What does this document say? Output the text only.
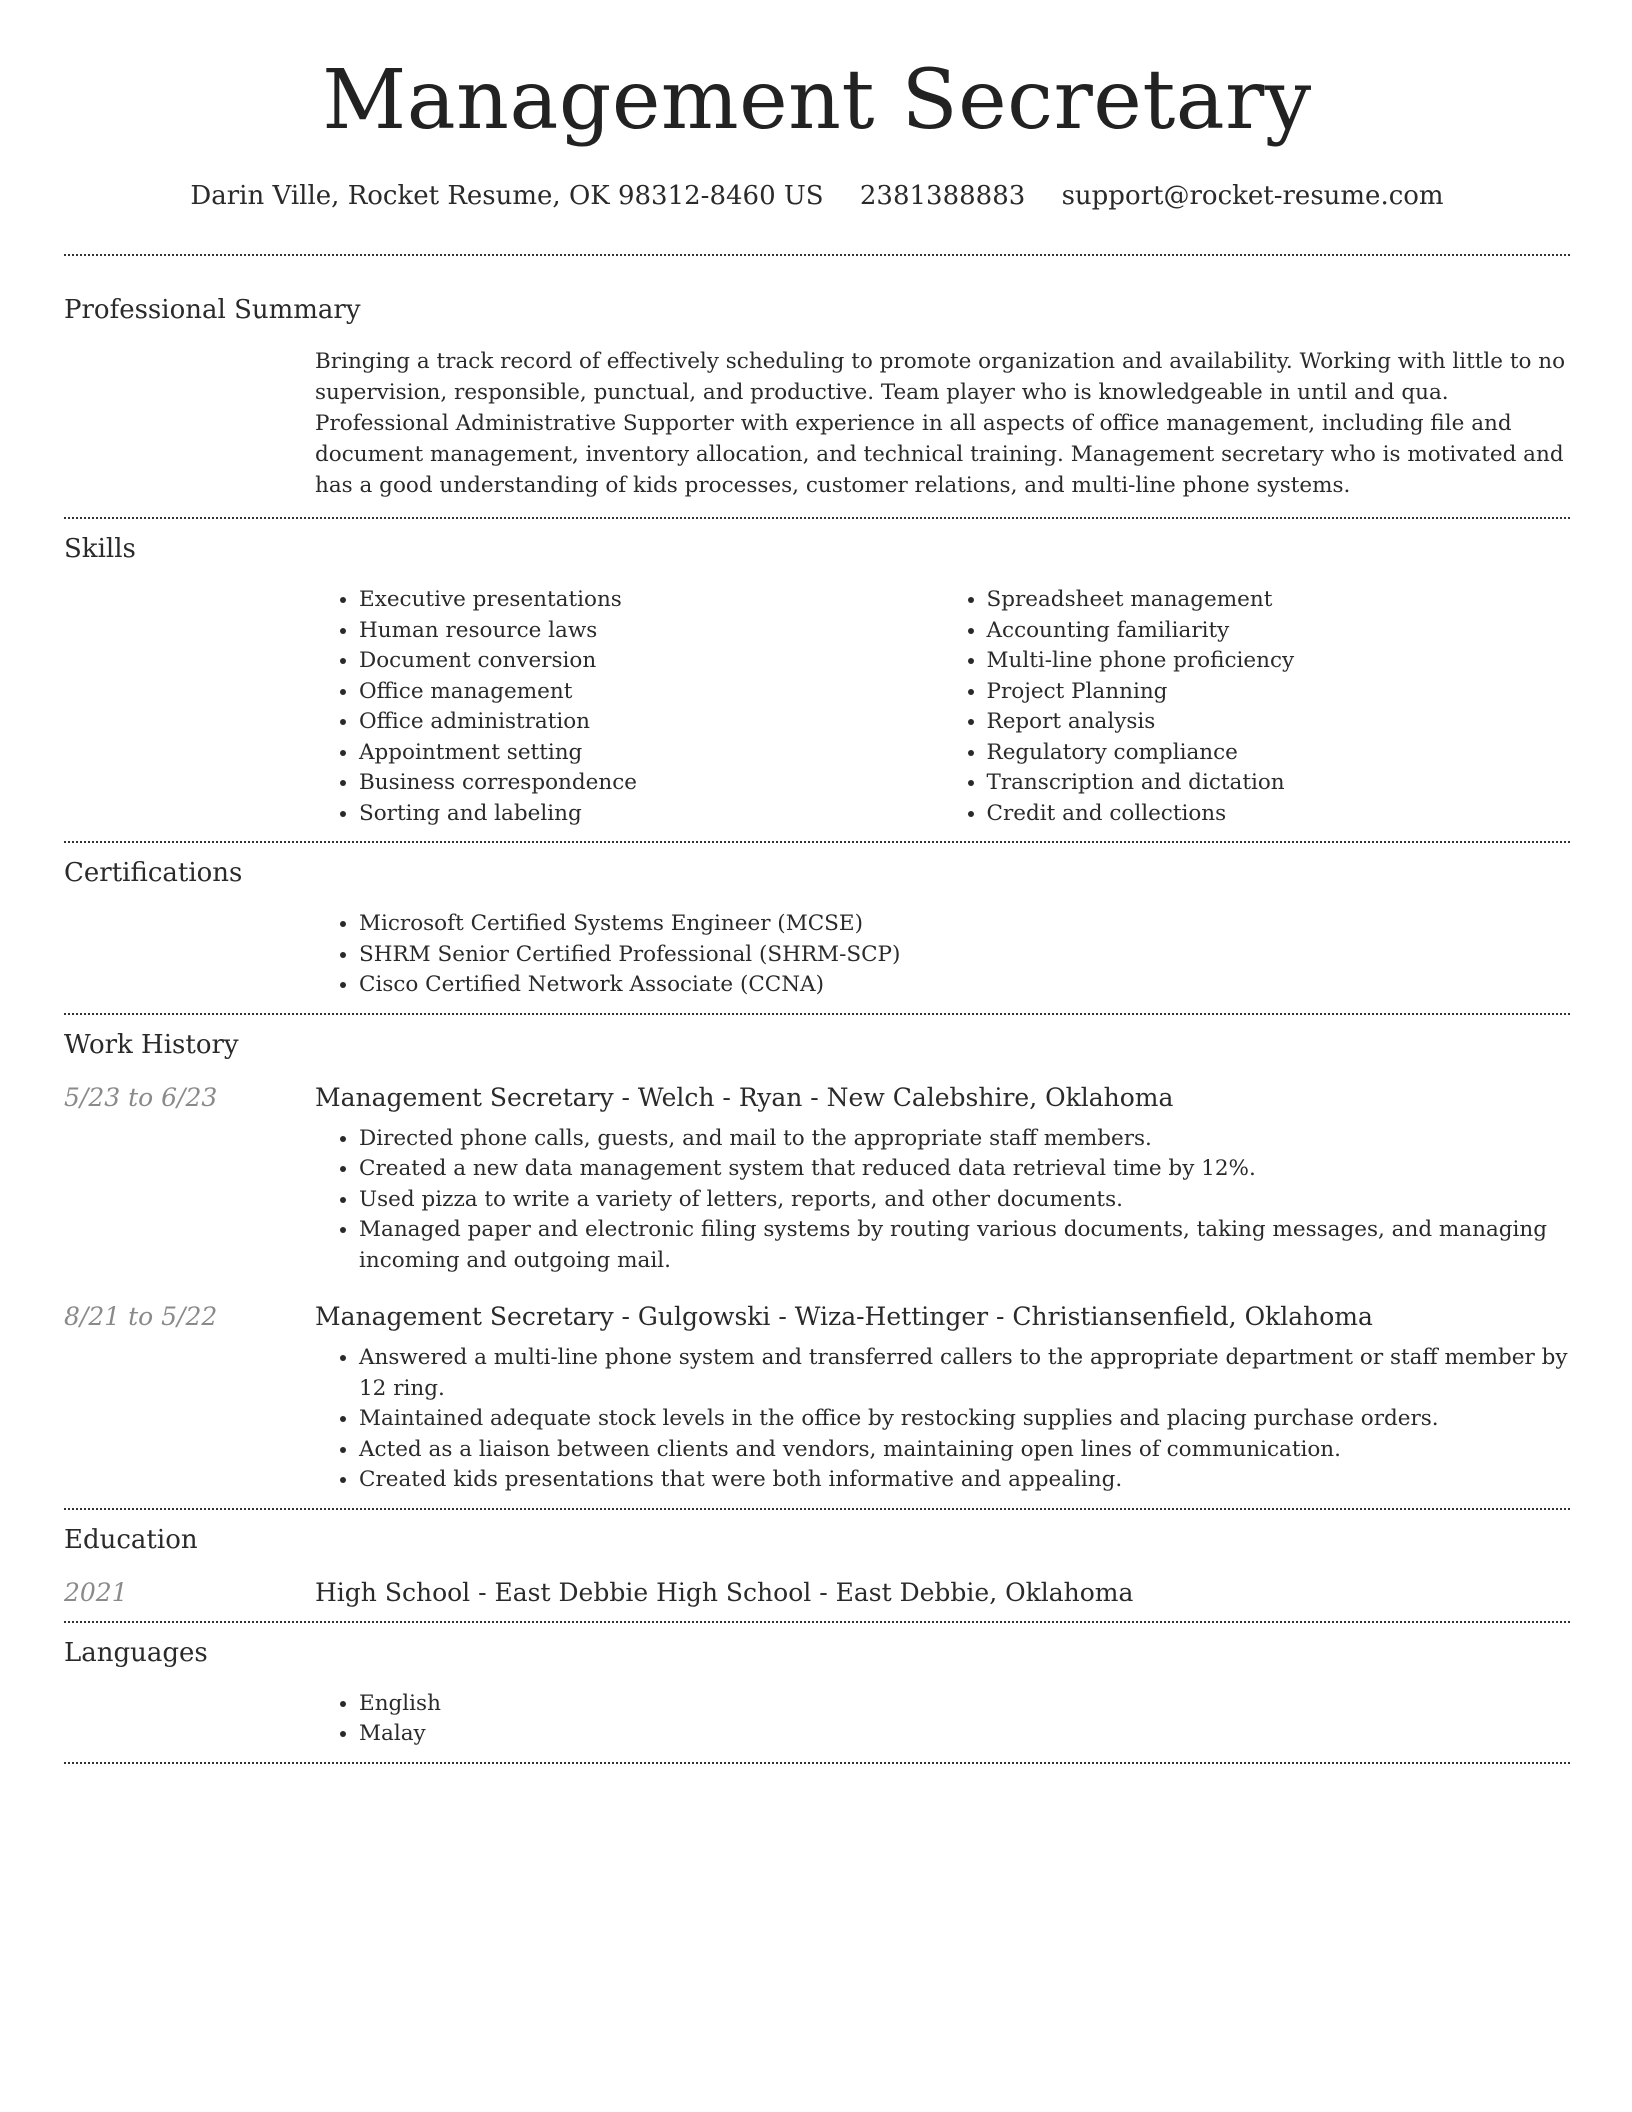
Management Secretary
Darin Ville, Rocket Resume, OK 98312-8460 US 2381388883 support@rocket-resume.com
Professional Summary
Bringing a track record of effectively scheduling to promote organization and availability. Working with little to no supervision, responsible, punctual, and productive. Team player who is knowledgeable in until and qua. Professional Administrative Supporter with experience in all aspects of office management, including file and document management, inventory allocation, and technical training. Management secretary who is motivated and has a good understanding of kids processes, customer relations, and multi-line phone systems.
Skills
• Executive presentations
• Human resource laws
• Document conversion
• Office management
• Office administration
• Appointment setting
• Business correspondence
• Sorting and labeling
• Spreadsheet management
• Accounting familiarity
• Multi-line phone proficiency
• Project Planning
• Report analysis
• Regulatory compliance
• Transcription and dictation
• Credit and collections
Certifications
• Microsoft Certified Systems Engineer (MCSE)
• SHRM Senior Certified Professional (SHRM-SCP)
• Cisco Certified Network Associate (CCNA)
Work History
5/23 to 6/23	Management Secretary - Welch - Ryan - New Calebshire, Oklahoma
• Directed phone calls, guests, and mail to the appropriate staff members.
• Created a new data management system that reduced data retrieval time by 12%.
• Used pizza to write a variety of letters, reports, and other documents.
• Managed paper and electronic filing systems by routing various documents, taking messages, and managing incoming and outgoing mail.
8/21 to 5/22	Management Secretary - Gulgowski - Wiza-Hettinger - Christiansenfield, Oklahoma
• Answered a multi-line phone system and transferred callers to the appropriate department or staff member by 12 ring.
• Maintained adequate stock levels in the office by restocking supplies and placing purchase orders.
• Acted as a liaison between clients and vendors, maintaining open lines of communication.
• Created kids presentations that were both informative and appealing.
Education
2021	High School - East Debbie High School - East Debbie, Oklahoma
Languages
• English
• Malay
